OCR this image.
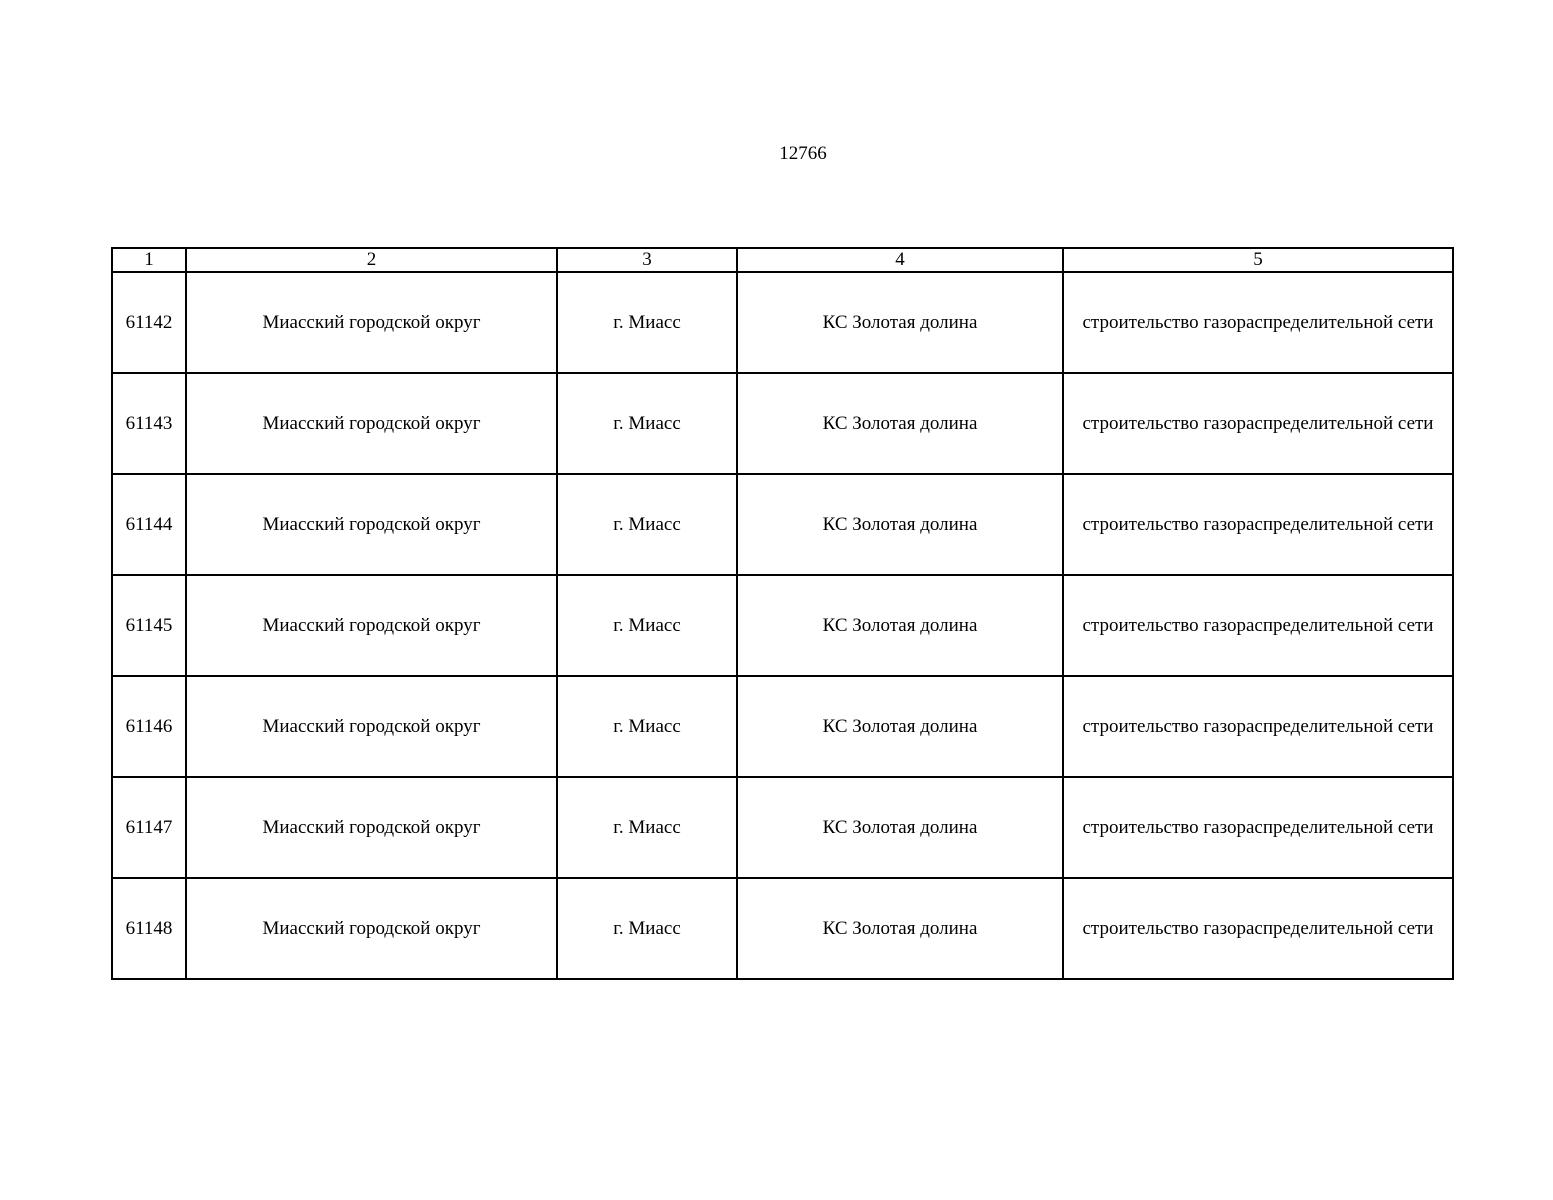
12766
1	2	3	4	5
61142	Миасский городской округ	г. Миасс	КС Золотая долина	строительство газораспределительной сети
61143	Миасский городской округ	г. Миасс	КС Золотая долина	строительство газораспределительной сети
61144	Миасский городской округ	г. Миасс	КС Золотая долина	строительство газораспределительной сети
61145	Миасский городской округ	г. Миасс	КС Золотая долина	строительство газораспределительной сети
61146	Миасский городской округ	г. Миасс	КС Золотая долина	строительство газораспределительной сети
61147	Миасский городской округ	г. Миасс	КС Золотая долина	строительство газораспределительной сети
61148	Миасский городской округ	г. Миасс	КС Золотая долина	строительство газораспределительной сети
